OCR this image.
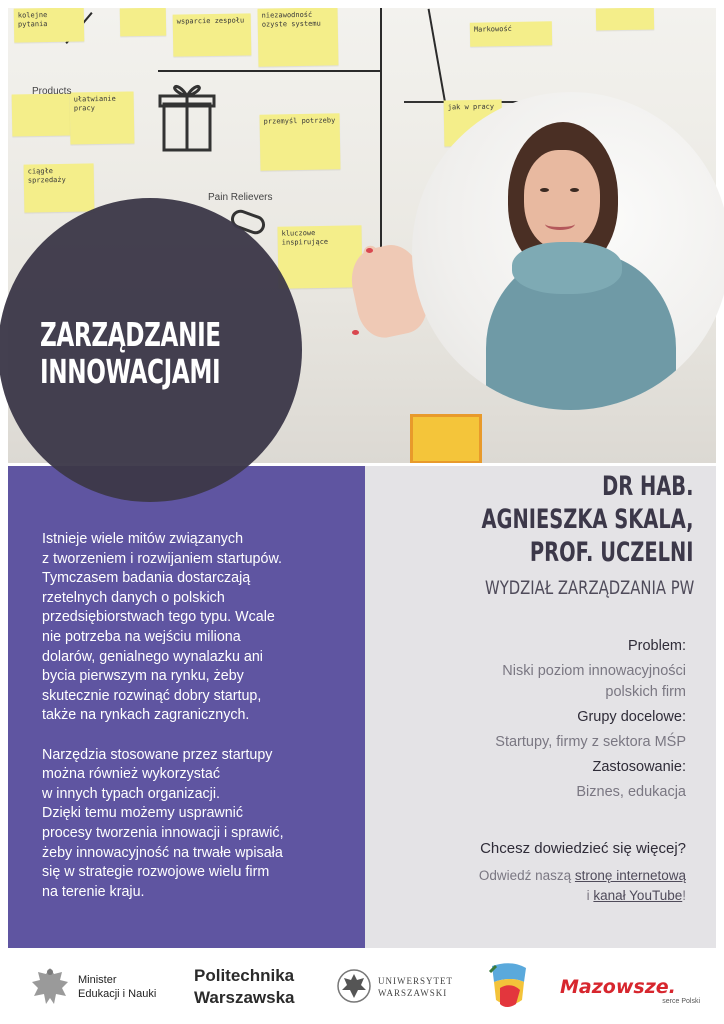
kolejne pytania	wsparcie zespołu
niezawodność ozyste systemu
Markowość
ułatwianie pracy
ciągłe sprzedaży
przemyśl potrzeby
kluczowe inspirujące
jak w pracy
Products
Pain Relievers
ZARZĄDZANIE
INNOWACJAMI

Istnieje wiele mitów związanych
z tworzeniem i rozwijaniem startupów.
Tymczasem badania dostarczają
rzetelnych danych o polskich
przedsiębiorstwach tego typu. Wcale
nie potrzeba na wejściu miliona
dolarów, genialnego wynalazku ani
bycia pierwszym na rynku, żeby
skutecznie rozwinąć dobry startup,
także na rynkach zagranicznych.

Narzędzia stosowane przez startupy
można również wykorzystać
w innych typach organizacji.
Dzięki temu możemy usprawnić
procesy tworzenia innowacji i sprawić,
żeby innowacyjność na trwałe wpisała
się w strategie rozwojowe wielu firm
na terenie kraju.

DR HAB.
AGNIESZKA SKALA,
PROF. UCZELNI
WYDZIAŁ ZARZĄDZANIA PW
Problem:
Niski poziom innowacyjności
polskich firm
Grupy docelowe:
Startupy, firmy z sektora MŚP
Zastosowanie:
Biznes, edukacja
Chcesz dowiedzieć się więcej?
Odwiedź naszą stronę internetową
i kanał YouTube!
Minister
Edukacji i Nauki
Politechnika
Warszawska
UNIWERSYTET
WARSZAWSKI	Mazowsze.
serce Polski
